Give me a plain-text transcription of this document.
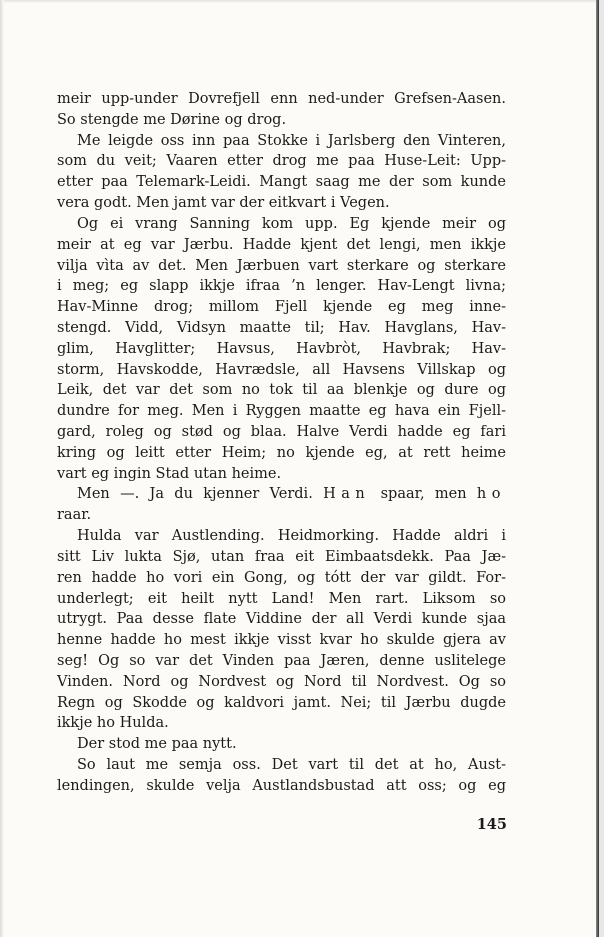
meir upp-under Dovrefjell enn ned-under Grefsen-Aasen.
So stengde me Dørine og drog.
Me leigde oss inn paa Stokke i Jarlsberg den Vinteren,
som du veit; Vaaren etter drog me paa Huse-Leit: Upp-
etter paa Telemark-Leidi. Mangt saag me der som kunde
vera godt. Men jamt var der eitkvart i Vegen.
Og ei vrang Sanning kom upp. Eg kjende meir og
meir at eg var Jærbu. Hadde kjent det lengi, men ikkje
vilja vìta av det. Men Jærbuen vart sterkare og sterkare
i meg; eg slapp ikkje ifraa ’n lenger. Hav-Lengt livna;
Hav-Minne drog; millom Fjell kjende eg meg inne-
stengd. Vidd, Vidsyn maatte til; Hav. Havglans, Hav-
glim, Havglitter; Havsus, Havbròt, Havbrak; Hav-
storm, Havskodde, Havrædsle, all Havsens Villskap og
Leik, det var det som no tok til aa blenkje og dure og
dundre for meg. Men i Ryggen maatte eg hava ein Fjell-
gard, roleg og stød og blaa. Halve Verdi hadde eg fari
kring og leitt etter Heim; no kjende eg, at rett heime
vart eg ingin Stad utan heime.
Men —. Ja du kjenner Verdi. Han spaar, men ho
raar.
Hulda var Austlending. Heidmorking. Hadde aldri i
sitt Liv lukta Sjø, utan fraa eit Eimbaatsdekk. Paa Jæ-
ren hadde ho vori ein Gong, og tótt der var gildt. For-
underlegt; eit heilt nytt Land! Men rart. Liksom so
utrygt. Paa desse flate Viddine der all Verdi kunde sjaa
henne hadde ho mest ikkje visst kvar ho skulde gjera av
seg! Og so var det Vinden paa Jæren, denne uslitelege
Vinden. Nord og Nordvest og Nord til Nordvest. Og so
Regn og Skodde og kaldvori jamt. Nei; til Jærbu dugde
ikkje ho Hulda.
Der stod me paa nytt.
So laut me semja oss. Det vart til det at ho, Aust-
lendingen, skulde velja Austlandsbustad att oss; og eg
145
